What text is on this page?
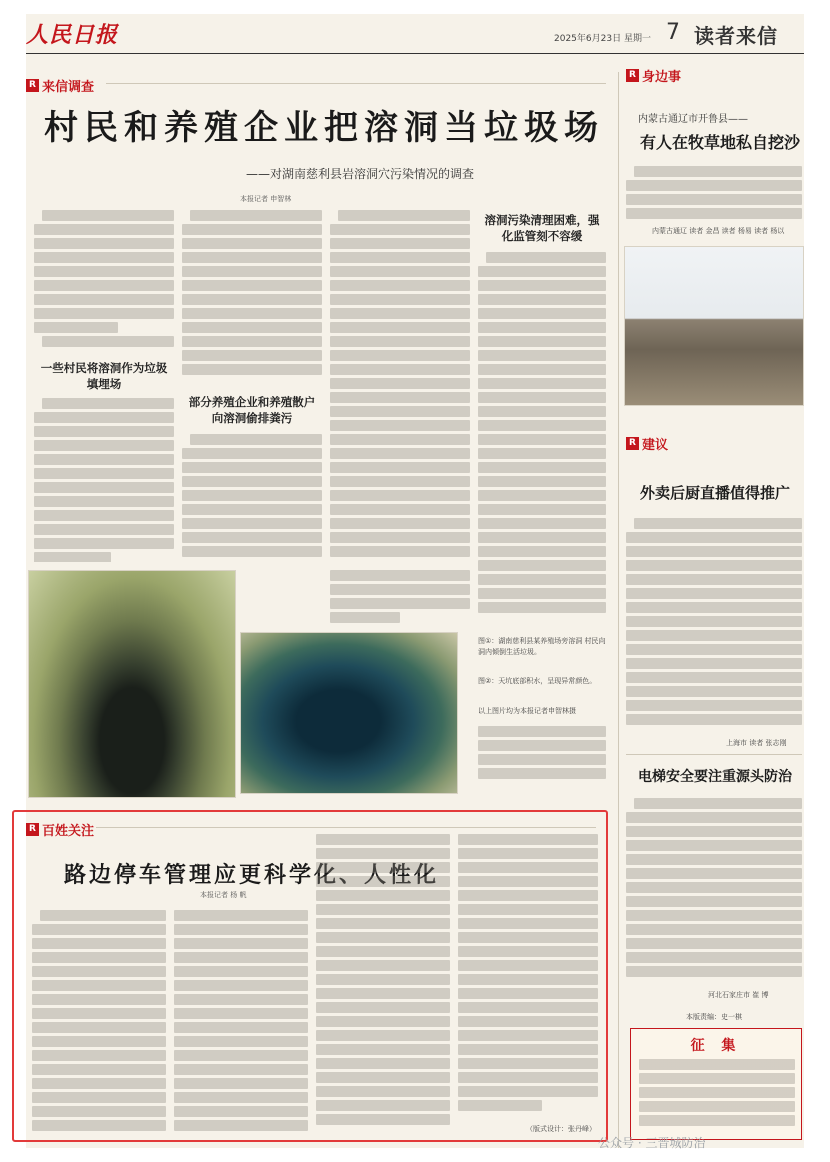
人民日报	2025年6月23日 星期一 7 读者来信
R 来信调查
村民和养殖企业把溶洞当垃圾场
——对湖南慈利县岩溶洞穴污染情况的调查
本报记者 申智林
一些村民将溶洞作为垃圾填埋场
部分养殖企业和养殖散户向溶洞偷排粪污
溶洞污染清理困难，强化监管刻不容缓
图①：湖南慈利县某养殖场旁溶洞 村民向洞内倾倒生活垃圾。
图②：天坑底部积水，呈现异常颜色。
以上图片均为本报记者申智林摄
R 身边事
内蒙古通辽市开鲁县——
有人在牧草地私自挖沙
内蒙古通辽 读者 金昌 读者 杨易 读者 杨以
R 建议
外卖后厨直播值得推广
上海市 读者 张志刚
电梯安全要注重源头防治
河北石家庄市 崔 博
本版责编：史一棋
征 集
R 百姓关注
路边停车管理应更科学化、人性化
本报记者 杨 帆
（版式设计：张丹峰）
公众号 · 三晋城防治
